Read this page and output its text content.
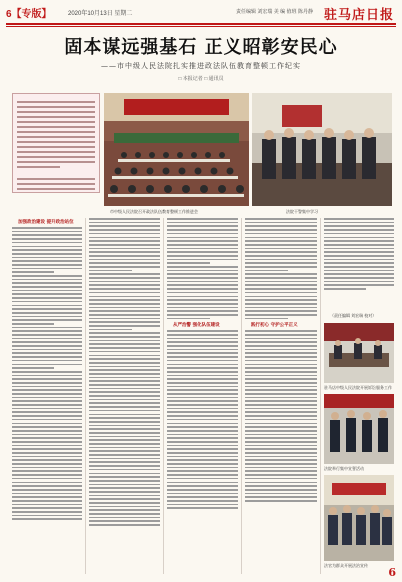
6【专版】	2020年10月13日 星期二	责任编辑 刘宏瑞 美 编 值班 陈丹静 驻马店日报
固本谋远强基石 正义昭彰安民心
——市中级人民法院扎实推进政法队伍教育整顿工作纪实
□ 本报记者 □ 通讯员
市中级人民法院召开政法队伍教育整顿工作推进会	法院干警集中学习
加强政治建设 提升政治站位
从严治警 强化队伍建设	践行初心 守护公平正义
（责任编辑 刘宏瑞 校对）
驻马店中级人民法院开展诉讼服务工作
法院举行集中宣誓活动
法官为群众开展法治宣传
6
